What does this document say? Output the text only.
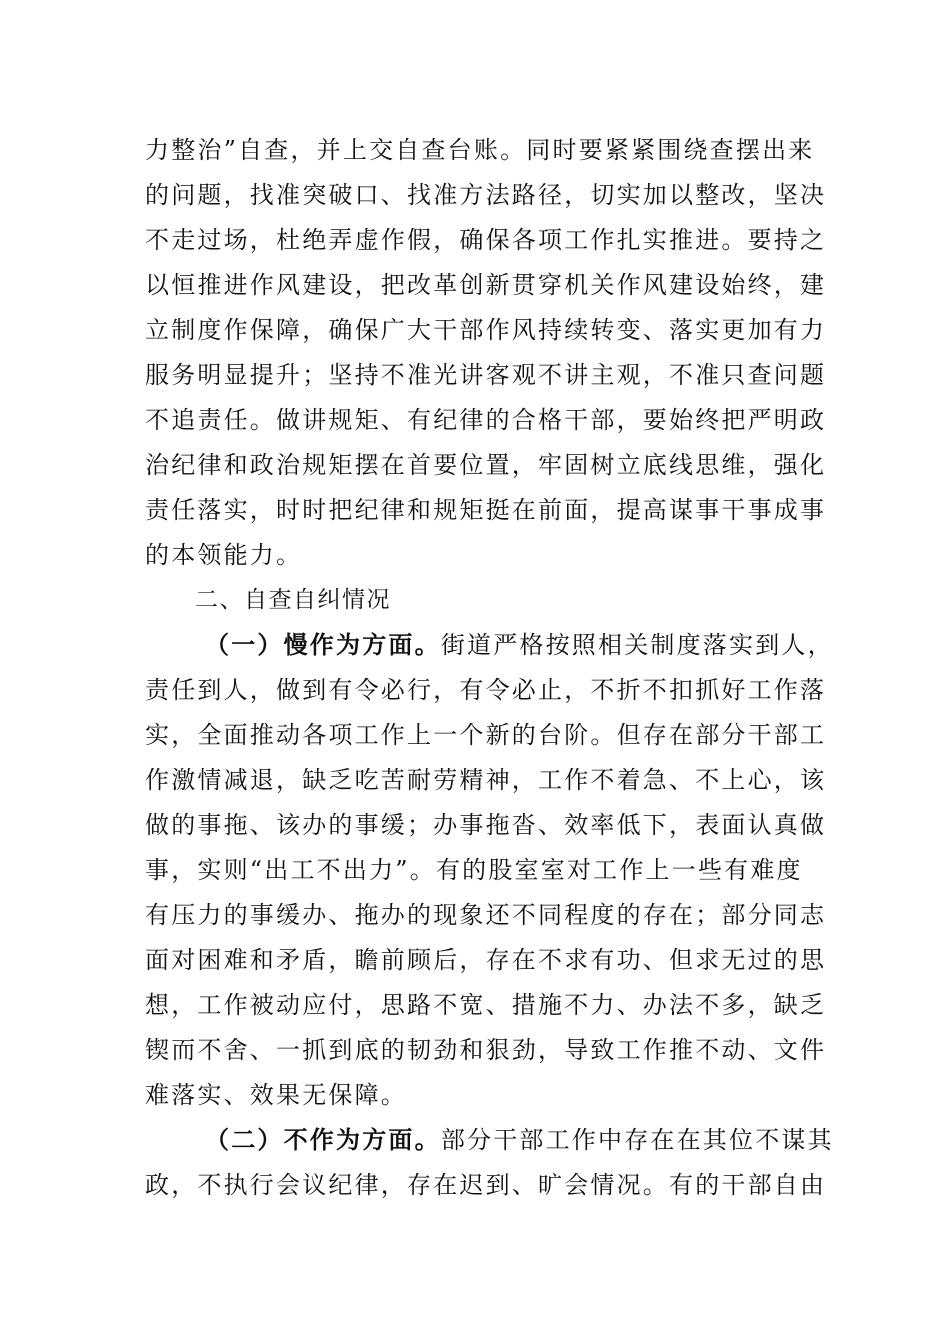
力整治”自查，并上交自查台账。同时要紧紧围绕查摆出来
的问题，找准突破口、找准方法路径，切实加以整改，坚决
不走过场，杜绝弄虚作假，确保各项工作扎实推进。要持之
以恒推进作风建设，把改革创新贯穿机关作风建设始终，建
立制度作保障，确保广大干部作风持续转变、落实更加有力
服务明显提升；坚持不准光讲客观不讲主观，不准只查问题
不追责任。做讲规矩、有纪律的合格干部，要始终把严明政
治纪律和政治规矩摆在首要位置，牢固树立底线思维，强化
责任落实，时时把纪律和规矩挺在前面，提高谋事干事成事
的本领能力。
二、自查自纠情况
（一）慢作为方面。街道严格按照相关制度落实到人，
责任到人，做到有令必行，有令必止，不折不扣抓好工作落
实，全面推动各项工作上一个新的台阶。但存在部分干部工
作激情减退，缺乏吃苦耐劳精神，工作不着急、不上心，该
做的事拖、该办的事缓；办事拖沓、效率低下，表面认真做
事，实则“出工不出力”。有的股室室对工作上一些有难度
有压力的事缓办、拖办的现象还不同程度的存在；部分同志
面对困难和矛盾，瞻前顾后，存在不求有功、但求无过的思
想，工作被动应付，思路不宽、措施不力、办法不多，缺乏
锲而不舍、一抓到底的韧劲和狠劲，导致工作推不动、文件
难落实、效果无保障。
（二）不作为方面。部分干部工作中存在在其位不谋其
政，不执行会议纪律，存在迟到、旷会情况。有的干部自由
